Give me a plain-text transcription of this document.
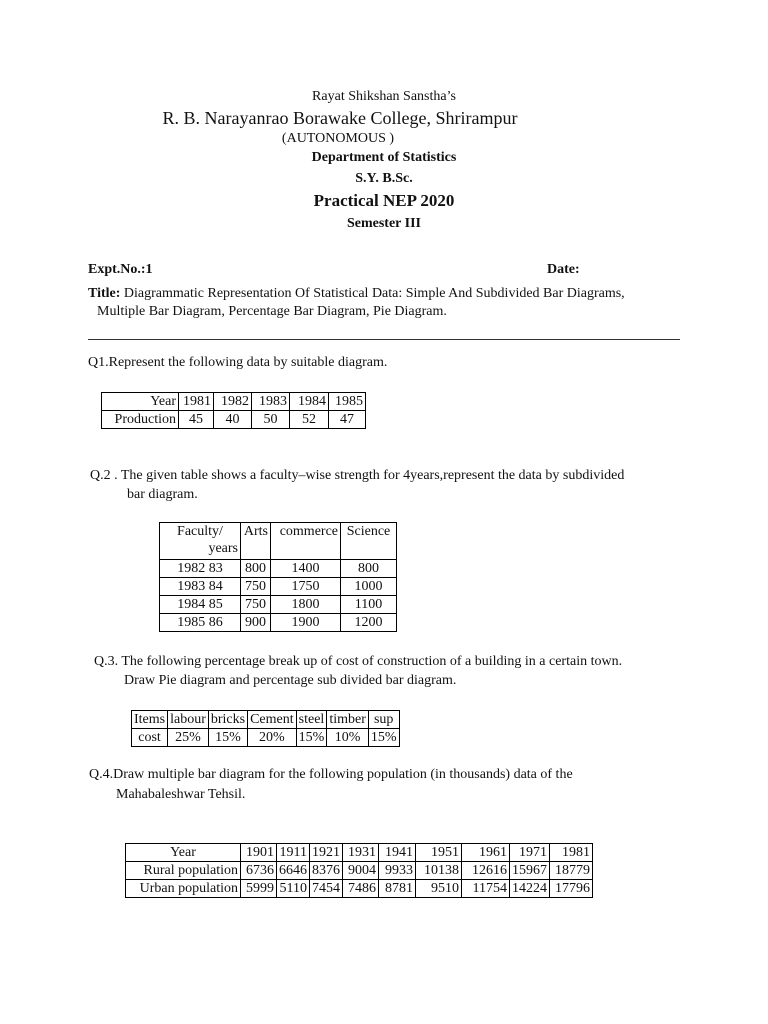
Rayat Shikshan Sanstha’s
R. B. Narayanrao Borawake College, Shrirampur
(AUTONOMOUS )
Department of Statistics
S.Y. B.Sc.
Practical NEP 2020
Semester III
Expt.No.:1	Date:
Title: Diagrammatic Representation Of Statistical Data: Simple And Subdivided Bar Diagrams,
Multiple Bar Diagram, Percentage Bar Diagram, Pie Diagram.
Q1.Represent the following data by suitable diagram.
Year	1981	1982	1983	1984	1985
Production	45	40	50	52	47
Q.2 . The given table shows a faculty–wise strength for 4years,represent the data by subdivided
bar diagram.
Faculty/
years	Arts	commerce	Science
1982 83	800	1400	800
1983 84	750	1750	1000
1984 85	750	1800	1100
1985 86	900	1900	1200
Q.3. The following percentage break up of cost of construction of a building in a certain town.
Draw Pie diagram and percentage sub divided bar diagram.
Items	labour	bricks	Cement	steel	timber	sup
cost	25%	15%	20%	15%	10%	15%
Q.4.Draw multiple bar diagram for the following population (in thousands) data of the
Mahabaleshwar Tehsil.
Year	1901	1911	1921	1931	1941	1951	1961	1971	1981
Rural population	6736	6646	8376	9004	9933	10138	12616	15967	18779
Urban population	5999	5110	7454	7486	8781	9510	11754	14224	17796
